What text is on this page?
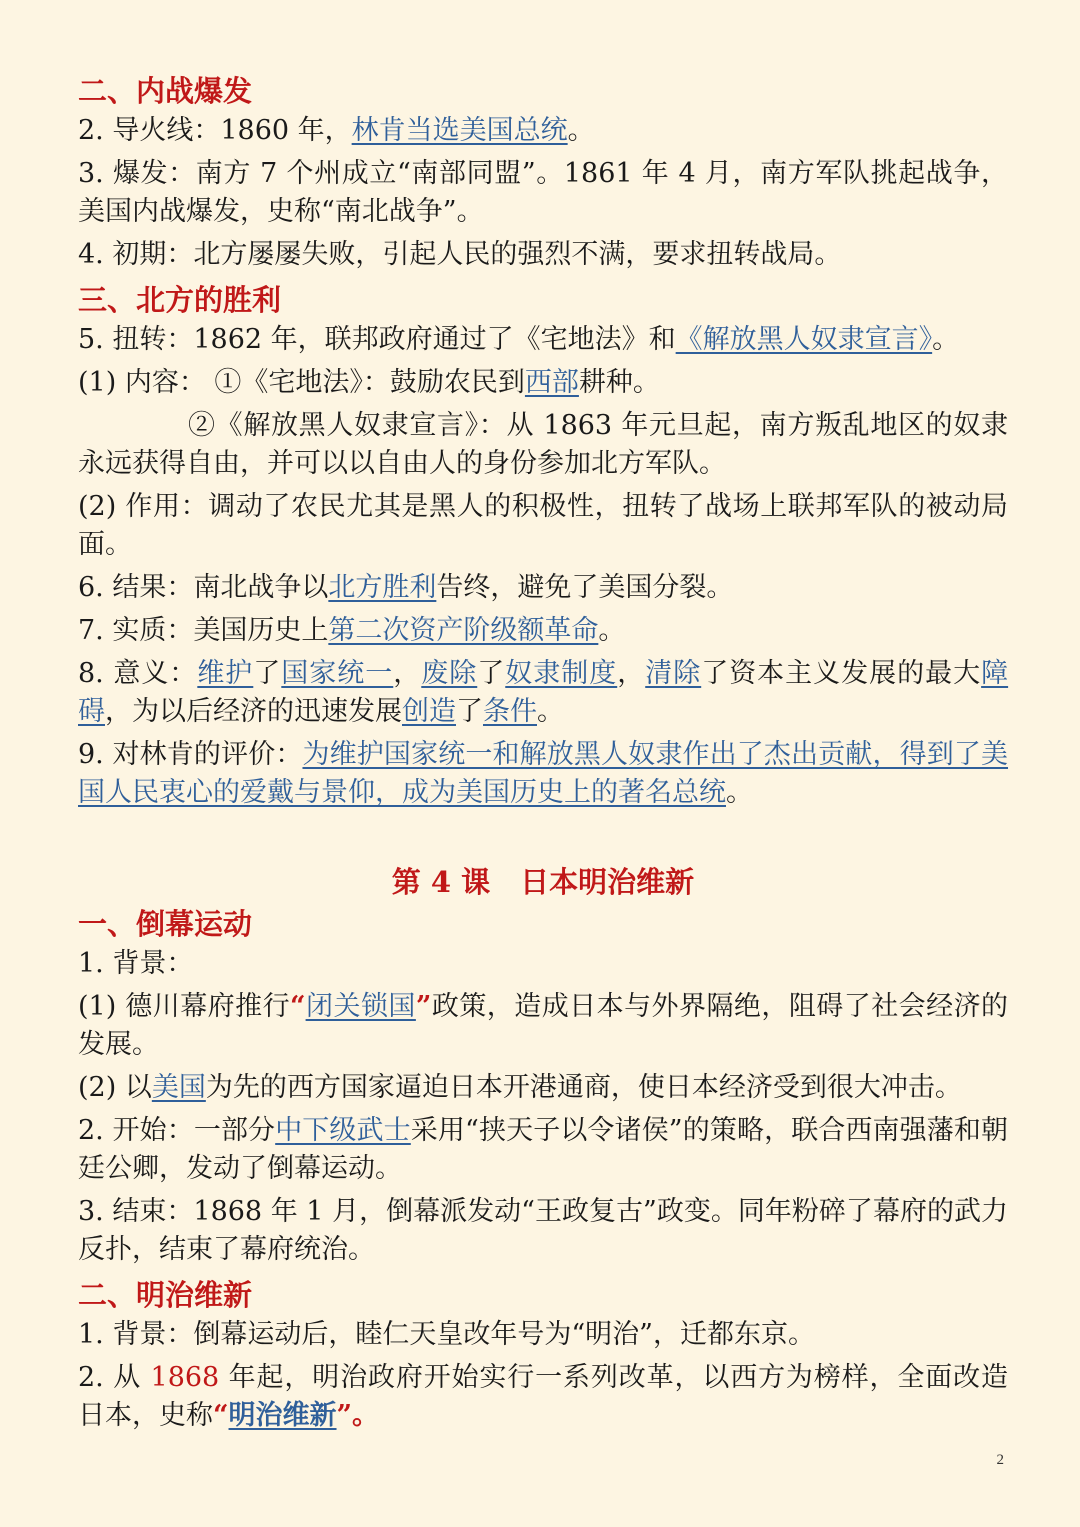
二、内战爆发

2. 导火线：1860 年，林肯当选美国总统。

3. 爆发：南方 7 个州成立“南部同盟”。1861 年 4 月，南方军队挑起战争，美国内战爆发，史称“南北战争”。

4. 初期：北方屡屡失败，引起人民的强烈不满，要求扭转战局。

三、北方的胜利

5. 扭转：1862 年，联邦政府通过了《宅地法》和《解放黑人奴隶宣言》。

(1) 内容： ①《宅地法》：鼓励农民到西部耕种。

②《解放黑人奴隶宣言》：从 1863 年元旦起，南方叛乱地区的奴隶永远获得自由，并可以以自由人的身份参加北方军队。

(2) 作用：调动了农民尤其是黑人的积极性，扭转了战场上联邦军队的被动局面。

6. 结果：南北战争以北方胜利告终，避免了美国分裂。

7. 实质：美国历史上第二次资产阶级额革命。

8. 意义：维护了国家统一，废除了奴隶制度，清除了资本主义发展的最大障碍，为以后经济的迅速发展创造了条件。

9. 对林肯的评价：为维护国家统一和解放黑人奴隶作出了杰出贡献，得到了美国人民衷心的爱戴与景仰，成为美国历史上的著名总统。

第 4 课 日本明治维新

一、倒幕运动

1. 背景：

(1) 德川幕府推行“闭关锁国”政策，造成日本与外界隔绝，阻碍了社会经济的发展。

(2) 以美国为先的西方国家逼迫日本开港通商，使日本经济受到很大冲击。

2. 开始：一部分中下级武士采用“挟天子以令诸侯”的策略，联合西南强藩和朝廷公卿，发动了倒幕运动。

3. 结束：1868 年 1 月，倒幕派发动“王政复古”政变。同年粉碎了幕府的武力反扑，结束了幕府统治。

二、明治维新

1. 背景：倒幕运动后，睦仁天皇改年号为“明治”，迁都东京。

2. 从 1868 年起，明治政府开始实行一系列改革，以西方为榜样，全面改造日本，史称“明治维新”。

2
